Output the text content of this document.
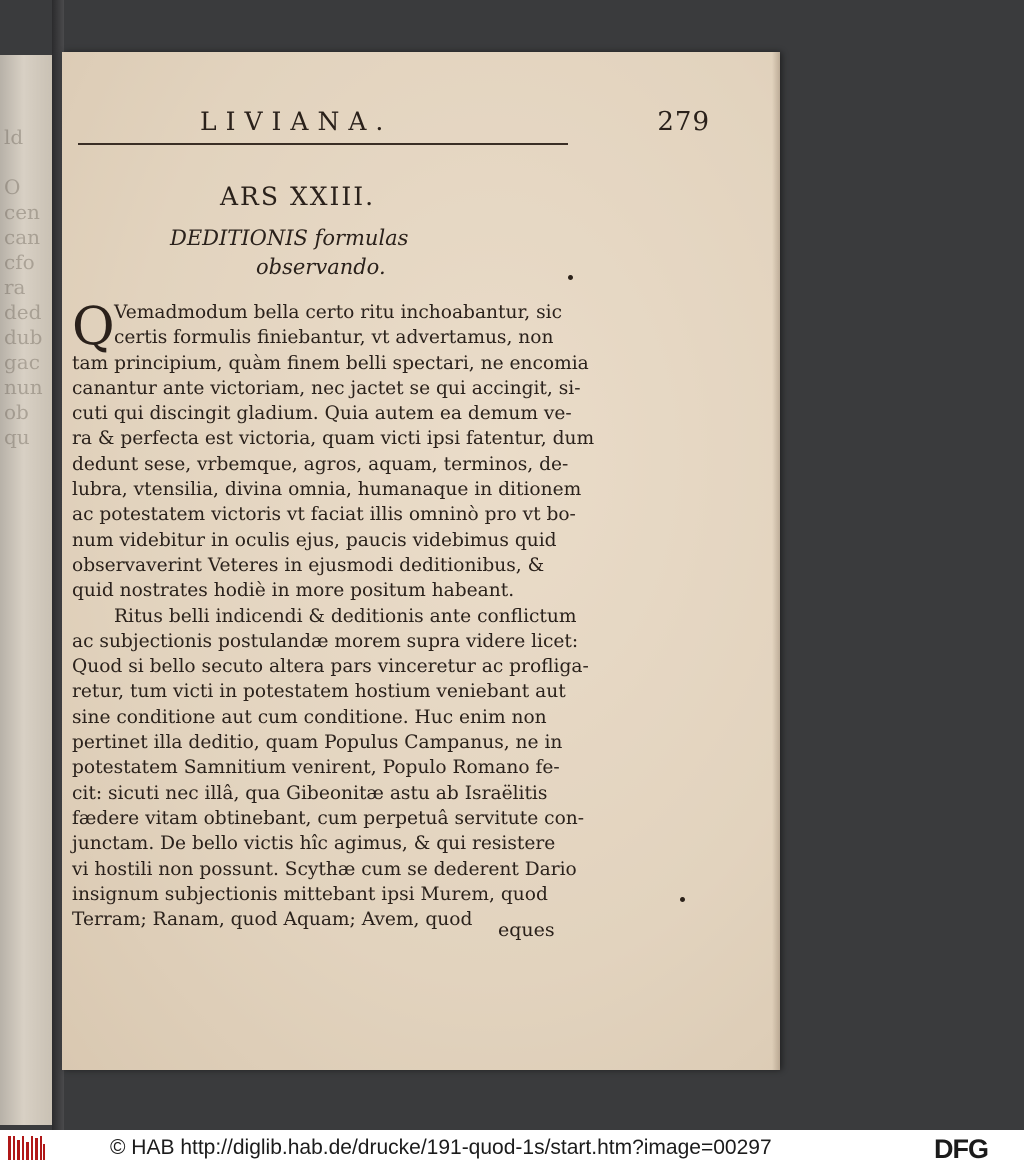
ld

O
cen
can
cfo
ra
ded
dub
gac
nun
ob
qu
LIVIANA.	279
ARS XXIII.
DEDITIONIS formulas
observando.
Q Vemadmodum bella certo ritu inchoabantur, sic
certis formulis finiebantur, vt advertamus, non
tam principium, quàm finem belli spectari, ne encomia
canantur ante victoriam, nec jactet se qui accingit, si-
cuti qui discingit gladium. Quia autem ea demum ve-
ra & perfecta est victoria, quam victi ipsi fatentur, dum
dedunt sese, vrbemque, agros, aquam, terminos, de-
lubra, vtensilia, divina omnia, humanaque in ditionem
ac potestatem victoris vt faciat illis omninò pro vt bo-
num videbitur in oculis ejus, paucis videbimus quid
observaverint Veteres in ejusmodi deditionibus, &
quid nostrates hodiè in more positum habeant.
Ritus belli indicendi & deditionis ante conflictum
ac subjectionis postulandæ morem supra videre licet:
Quod si bello secuto altera pars vinceretur ac profliga-
retur, tum victi in potestatem hostium veniebant aut
sine conditione aut cum conditione. Huc enim non
pertinet illa deditio, quam Populus Campanus, ne in
potestatem Samnitium venirent, Populo Romano fe-
cit: sicuti nec illâ, qua Gibeonitæ astu ab Israëlitis
fædere vitam obtinebant, cum perpetuâ servitute con-
junctam. De bello victis hîc agimus, & qui resistere
vi hostili non possunt. Scythæ cum se dederent Dario
insignum subjectionis mittebant ipsi Murem, quod
Terram; Ranam, quod Aquam; Avem, quod	eques
© HAB http://diglib.hab.de/drucke/191-quod-1s/start.htm?image=00297	DFG
